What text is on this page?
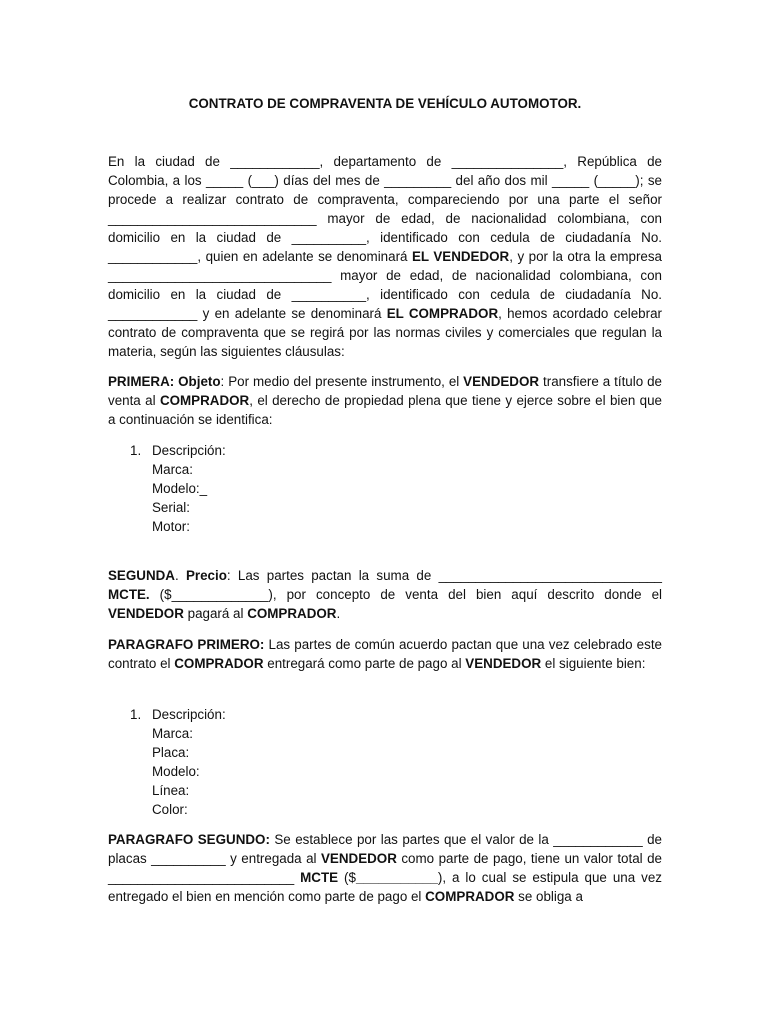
CONTRATO DE COMPRAVENTA DE VEHÍCULO AUTOMOTOR.

En la ciudad de ____________, departamento de _______________, República de Colombia, a los _____ (___) días del mes de _________ del año dos mil _____ (_____); se procede a realizar contrato de compraventa, compareciendo por una parte el señor ____________________________ mayor de edad, de nacionalidad colombiana, con domicilio en la ciudad de __________, identificado con cedula de ciudadanía No. ____________, quien en adelante se denominará EL VENDEDOR, y por la otra la empresa ______________________________ mayor de edad, de nacionalidad colombiana, con domicilio en la ciudad de __________, identificado con cedula de ciudadanía No. ____________ y en adelante se denominará EL COMPRADOR, hemos acordado celebrar contrato de compraventa que se regirá por las normas civiles y comerciales que regulan la materia, según las siguientes cláusulas:

PRIMERA: Objeto: Por medio del presente instrumento, el VENDEDOR transfiere a título de venta al COMPRADOR, el derecho de propiedad plena que tiene y ejerce sobre el bien que a continuación se identifica:

1. Descripción:
Marca:
Modelo:_
Serial:
Motor:

SEGUNDA. Precio: Las partes pactan la suma de ______________________________ MCTE. ($_____________), por concepto de venta del bien aquí descrito donde el VENDEDOR pagará al COMPRADOR.

PARAGRAFO PRIMERO: Las partes de común acuerdo pactan que una vez celebrado este contrato el COMPRADOR entregará como parte de pago al VENDEDOR el siguiente bien:

1. Descripción:
Marca:
Placa:
Modelo:
Línea:
Color:

PARAGRAFO SEGUNDO: Se establece por las partes que el valor de la ____________ de placas __________ y entregada al VENDEDOR como parte de pago, tiene un valor total de _________________________ MCTE ($___________), a lo cual se estipula que una vez entregado el bien en mención como parte de pago el COMPRADOR se obliga a
